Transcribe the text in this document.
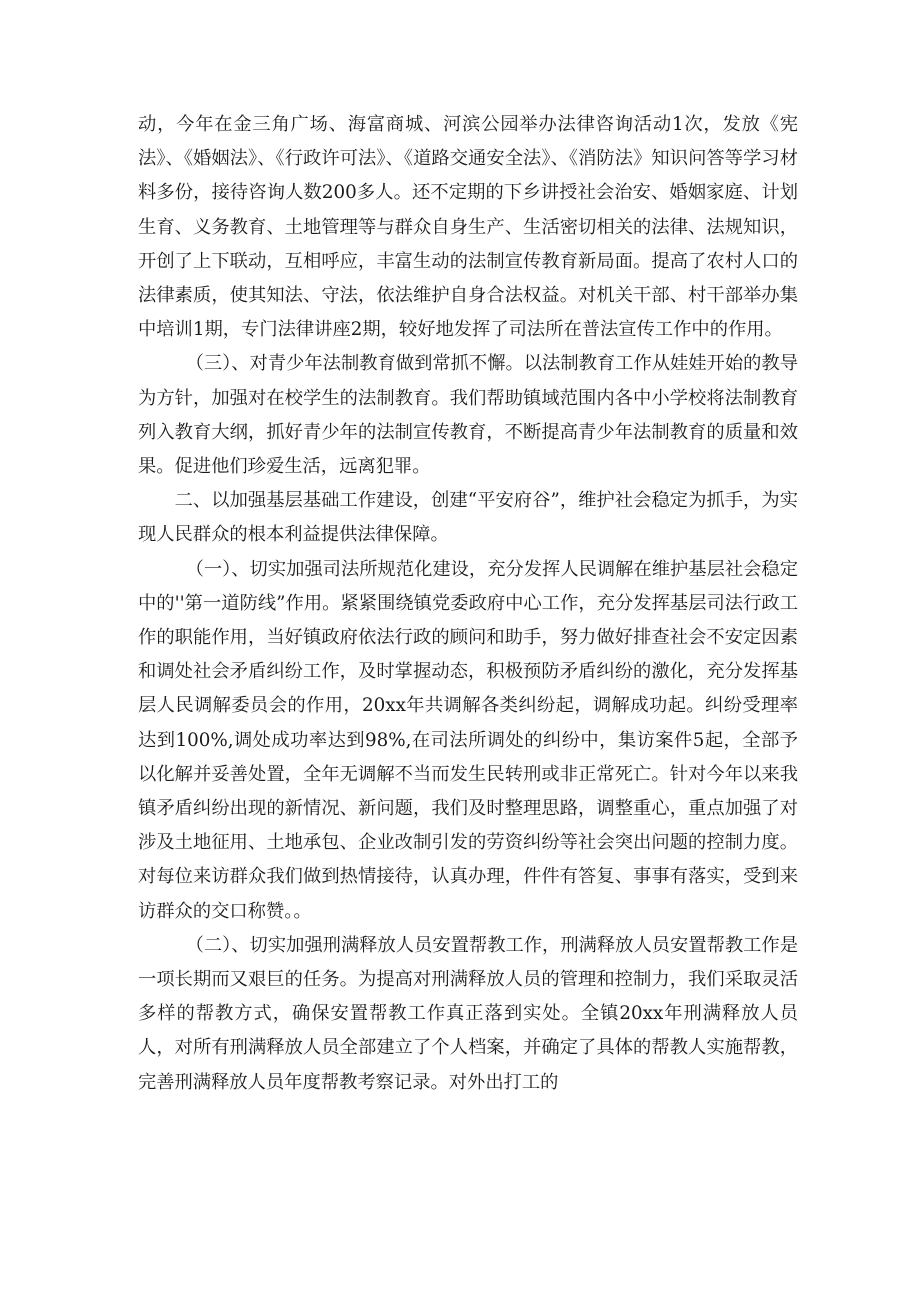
动，今年在金三角广场、海富商城、河滨公园举办法律咨询活动1次，发放《宪法》、《婚姻法》、《行政许可法》、《道路交通安全法》、《消防法》知识问答等学习材料多份，接待咨询人数200多人。还不定期的下乡讲授社会治安、婚姻家庭、计划生育、义务教育、土地管理等与群众自身生产、生活密切相关的法律、法规知识，开创了上下联动，互相呼应，丰富生动的法制宣传教育新局面。提高了农村人口的法律素质，使其知法、守法，依法维护自身合法权益。对机关干部、村干部举办集中培训1期，专门法律讲座2期，较好地发挥了司法所在普法宣传工作中的作用。

（三）、对青少年法制教育做到常抓不懈。以法制教育工作从娃娃开始的教导为方针，加强对在校学生的法制教育。我们帮助镇域范围内各中小学校将法制教育列入教育大纲，抓好青少年的法制宣传教育，不断提高青少年法制教育的质量和效果。促进他们珍爱生活，远离犯罪。

二、以加强基层基础工作建设，创建“平安府谷”，维护社会稳定为抓手，为实现人民群众的根本利益提供法律保障。

（一）、切实加强司法所规范化建设，充分发挥人民调解在维护基层社会稳定中的''第一道防线”作用。紧紧围绕镇党委政府中心工作，充分发挥基层司法行政工作的职能作用，当好镇政府依法行政的顾问和助手，努力做好排查社会不安定因素和调处社会矛盾纠纷工作，及时掌握动态，积极预防矛盾纠纷的激化，充分发挥基层人民调解委员会的作用，20xx年共调解各类纠纷起，调解成功起。纠纷受理率达到100%,调处成功率达到98%,在司法所调处的纠纷中，集访案件5起，全部予以化解并妥善处置，全年无调解不当而发生民转刑或非正常死亡。针对今年以来我镇矛盾纠纷出现的新情况、新问题，我们及时整理思路，调整重心，重点加强了对涉及土地征用、土地承包、企业改制引发的劳资纠纷等社会突出问题的控制力度。对每位来访群众我们做到热情接待，认真办理，件件有答复、事事有落实，受到来访群众的交口称赞。。

（二）、切实加强刑满释放人员安置帮教工作，刑满释放人员安置帮教工作是一项长期而又艰巨的任务。为提高对刑满释放人员的管理和控制力，我们采取灵活多样的帮教方式，确保安置帮教工作真正落到实处。全镇20xx年刑满释放人员人，对所有刑满释放人员全部建立了个人档案，并确定了具体的帮教人实施帮教，完善刑满释放人员年度帮教考察记录。对外出打工的
